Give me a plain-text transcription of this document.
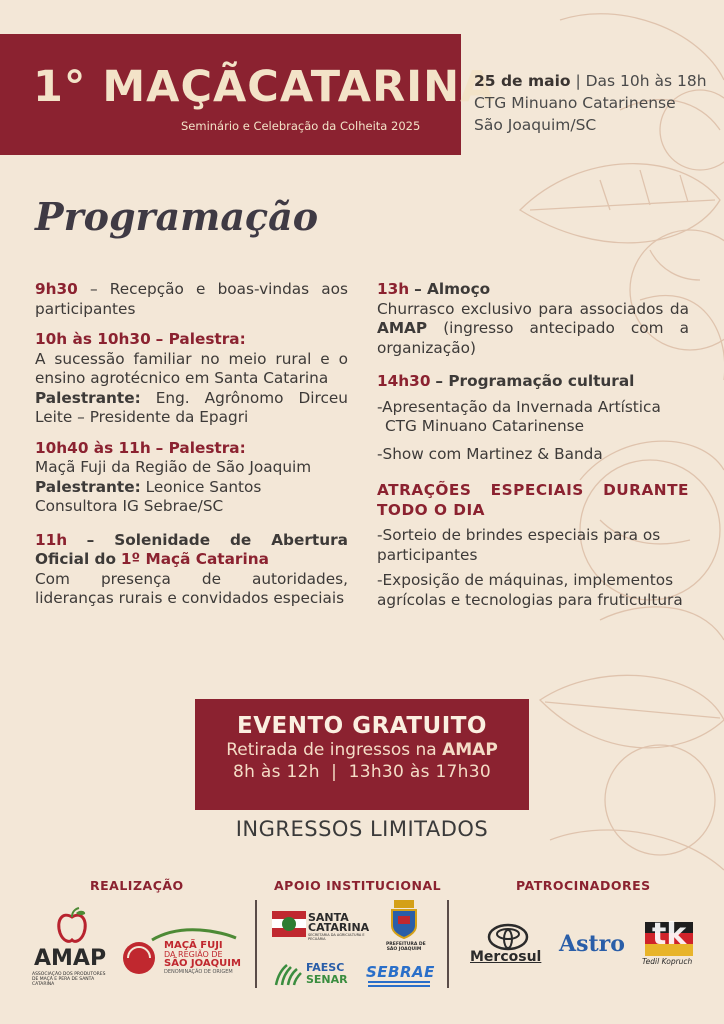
1° MAÇÃCATARINA
Seminário e Celebração da Colheita 2025
25 de maio | Das 10h às 18h
CTG Minuano Catarinense
São Joaquim/SC
Programação
9h30 – Recepção e boas-vindas aos participantes
10h às 10h30 – Palestra:
A sucessão familiar no meio rural e o ensino agrotécnico em Santa Catarina
Palestrante: Eng. Agrônomo Dirceu Leite – Presidente da Epagri
10h40 às 11h – Palestra:
Maçã Fuji da Região de São Joaquim
Palestrante: Leonice Santos Consultora IG Sebrae/SC
11h – Solenidade de Abertura Oficial do 1º Maçã Catarina
Com presença de autoridades, lideranças rurais e convidados especiais
13h – Almoço
Churrasco exclusivo para associados da AMAP (ingresso antecipado com a organização)
14h30 – Programação cultural
-Apresentação da Invernada Artística CTG Minuano Catarinense
-Show com Martinez & Banda
ATRAÇÕES ESPECIAIS DURANTE TODO O DIA
-Sorteio de brindes especiais para os participantes
-Exposição de máquinas, implementos agrícolas e tecnologias para fruticultura
EVENTO GRATUITO
Retirada de ingressos na AMAP
8h às 12h  |  13h30 às 17h30
INGRESSOS LIMITADOS
REALIZAÇÃO	APOIO INSTITUCIONAL	PATROCINADORES
AMAP
ASSOCIAÇÃO DOS PRODUTORES DE MAÇÃ E PERA DE SANTA CATARINA
MAÇÃ FUJI
DA REGIÃO DE
SÃO JOAQUIM
DENOMINAÇÃO DE ORIGEM
SANTA
CATARINA
SECRETARIA DA AGRICULTURA E PECUÁRIA
PREFEITURA DE
SÃO JOAQUIM
FAESC
SENAR SEBRAE
Mercosul Astro tk
Tedil Kopruch
